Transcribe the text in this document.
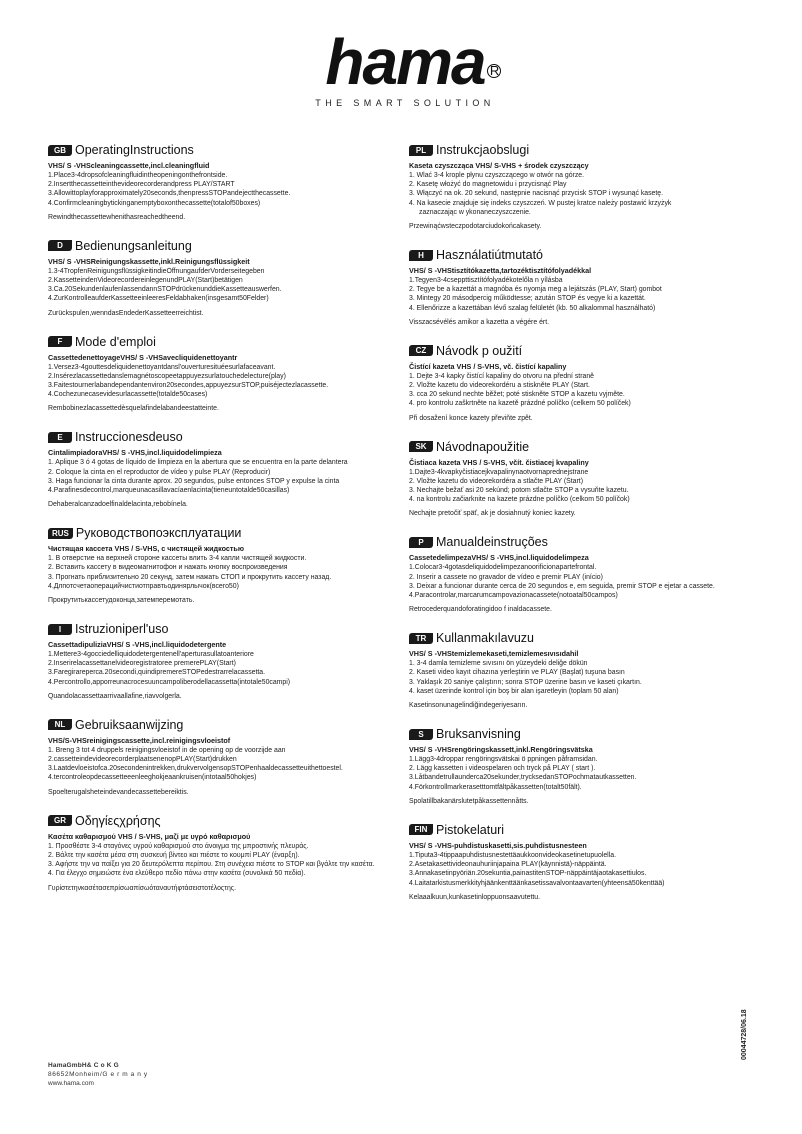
hama R
THE SMART SOLUTION
GB OperatingInstructions
VHS/ S -VHScleaningcassette,incl.cleaningfluid
1.Place3-4dropsofcleaningfluidintheopeningonthefrontside.
2.Insertthecassetteinthevideorecorderandpress PLAY/START
3.Allowittoplayforapproximately20seconds,thenpressSTOPandejectthecassette.
4.Confirmcleaningbytickinganemptyboxonthecassette(totalof50boxes)
Rewindthecassettewhenithasreachedtheend.
D Bedienungsanleitung
VHS/ S -VHSReinigungskassette,inkl.Reinigungsflüssigkeit
1.3-4TropfenReinigungsflüssigkeitindieÖffnungaufderVorderseitegeben
2.KassetteindenVideorecordereinlegenundPLAY(Start)betätigen
3.Ca.20SekundenlaufenlassendannSTOPdrückenunddieKassetteauswerfen.
4.ZurKontrolleaufderKassetteeinleeresFeldabhaken(insgesamt50Felder)
Zurückspulen,wenndasEndederKassetteerreichtist.
F	Mode d'emploi
CassettedenettoyageVHS/ S -VHSavecliquidenettoyantr
1.Versez3-4gouttesdeliquidenettoyantdansl'ouverturesituéesurlafaceavant.
2.Insérezlacassettedanslemagnétoscopeetappuyezsurlatouchedelecture(play)
3.Faitestournerlabandependantenviron20secondes,appuyezsurSTOP,puiséjectezlacassette.
4.Cochezunecasevidesurlacassette(totalde50cases)
Rembobinezlacassettedèsquelafindelabandeestatteinte.
E Instruccionesdeuso
CintalimpiadoraVHS/ S -VHS,incl.liquidodelimpieza
1. Aplique 3 ó 4 gotas de líquido de limpieza en la abertura que se encuentra en la parte delantera
2. Coloque la cinta en el reproductor de vídeo y pulse PLAY (Reproducir)
3. Haga funcionar la cinta durante aprox. 20 segundos, pulse entonces STOP y expulse la cinta
4.Parafinesdecontrol,marqueunacasillavacíaenlacinta(tieneuntotalde50casillas)
Dehaberalcanzadoelfinaldelacinta,rebobínela.
RUS Руководствопоэксплуатации
Чистящая кассета VHS / S-VHS, с чистящей жидкостью
1. В отверстие на верхней стороне кассеты влить 3-4 капли чистящей жидкости.
2. Вставить кассету в видеомагнитофон и нажать кнопку воспроизведения
3. Прогнать приблизительно 20 секунд, затем нажать СТОП и прокрутить кассету назад.
4.Длпотсчетаоперацийчистиотправтьодинярлычок(всего50)
Прокрутитькассетудоконца,затемперемотать.
I	Istruzioniperl'uso
CassettadipuliziaVHS/ S -VHS,incl.liquidodetergente
1.Mettere3-4gocciedelliquidodetergentenell'aperturasullatoanteriore
2.Inserirelacassettanelvideoregistratoree premerePLAY(Start)
3.Faregirareperca.20secondi,quindipremereSTOPedestrarrelacassetta.
4.Percontrollo,apporreunacrocesuuncampoliberodellacassetta(intotale50campi)
Quandolacassettaarrivaallafine,riavvolgerla.
NL Gebruiksaanwijzing
VHS/S-VHSreinigingscassette,incl.reinigingsvloeistof
1. Breng 3 tot 4 druppels reinigingsvloeistof in de opening op de voorzijde aan
2.cassetteindevideorecorderplaatsenenopPLAY(Start)drukken
3.Laatdevloeistofca.20secondenintrekken,drukvervolgensopSTOPenhaaldecassetteuithettoestel.
4.tercontroleopdecassetteeenleeghokjeaankruisen(intotaal50hokjes)
Spoelterugalsheteindevandecassettebereiktis.
GR Οδηγίεςχρήσης
Κασέτα καθαρισμού VHS / S-VHS, μαζί με υγρό καθαρισμού
1. Προσθέστε 3-4 σταγόνες υγρού καθαρισμού στο άνοιγμα της μπροστινής πλευράς.
2. Βάλτε την κασέτα μέσα στη συσκευή βίντεο και πιέστε το κουμπί PLAY (έναρξη).
3. Αφήστε την να παίξει για 20 δευτερόλεπτα περίπου. Στη συνέχεια πιέστε το STOP και βγάλτε την κασέτα.
4. Για έλεγχο σημειώστε ένα ελεύθερο πεδίο πάνω στην κασέτα (συνολικά 50 πεδία).
Γυρίστετηνκασέτασεπρίσωαπίσωόταναυτήφτάσειστοτέλοςτης.
PL Instrukcjaobslugi
Kaseta czyszcząca VHS/ S-VHS + środek czyszczący
1. Wlać 3-4 krople płynu czyszczącego w otwór na górze.
2. Kasetę włożyć do magnetowidu i przycisnąć Play
3. Włączyć na ok. 20 sekund, następnie nacisnąć przycisk STOP i wysunąć kasetę.
4. Na kasecie znajduje się indeks czyszczeń. W pustej kratce należy postawić krzyżyk
zaznaczając w ykonaneczyszczenie.
Przewinąćwsteczpodotarciudokońcakasety.
H Használatiútmutató
VHS/ S -VHStisztítókazetta,tartozéktisztítófolyadékkal
1.Tegyen3-4cseppttisztítófolyadékotelőla n yílásba
2. Tegye be a kazettát a magnóba és nyomja meg a lejátszás (PLAY, Start) gombot
3. Mintegy 20 másodpercig működtesse; azután STOP és vegye ki a kazettát.
4. Ellenőrizze a kazettában lévő szalag felületét (kb. 50 alkalommal használható)
Visszacsévélés amikor a kazetta a végére ért.
CZ Návodk p oužití
Čistící kazeta VHS / S-VHS, vč. čistící kapaliny
1. Dejte 3-4 kapky čistící kapaliny do otvoru na přední straně
2. Vložte kazetu do videorekordéru a stiskněte PLAY (Start.
3. cca 20 sekund nechte běžet; poté stiskněte STOP a kazetu vyjměte.
4. pro kontrolu zaškrtněte na kazetě prázdné políčko (celkem 50 políček)
Při dosažení konce kazety převiňte zpět.
SK Návodnapoužitie
Čistiaca kazeta VHS / S-VHS, včít. čistiacej kvapaliny
1.Dajte3-4kvapkyčistiacejkvapalinynaotvornaprednejstrane
2. Vložte kazetu do videorekordéra a stlačte PLAY (Štart)
3. Nechajte bežať asi 20 sekúnd; potom stlačte STOP a vysuňte kazetu.
4. na kontrolu začiarknite na kazete prázdne políčko (celkom 50 políčok)
Nechajte pretočiť späť, ak je dosiahnutý koniec kazety.
P Manualdeinstruções
CassetedelimpezaVHS/ S -VHS,incl.liquidodelimpeza
1.Colocar3-4gotasdeliquidodelimpezanoorificionapartefrontal.
2. Inserir a cassete no gravador de vídeo e premir PLAY (início)
3. Deixar a funcionar durante cerca de 20 segundos e, em seguida, premir STOP e ejetar a cassete.
4.Paracontrolar,marcarumcampovazionacassete(notoatal50campos)
Retrocederquandoforatingidoo f inaldacassete.
TR Kullanmakılavuzu
VHS/ S -VHStemizlemekaseti,temizlemesıvısıdahil
1. 3-4 damla temizleme sıvısını ön yüzeydeki deliğe dökün
2. Kaseti video kayıt cihazına yerleştirin ve PLAY (Başlat) tuşuna basın
3. Yaklaşık 20 saniye çalıştırın; sonra STOP üzerine basın ve kaseti çıkartın.
4. kaset üzerinde kontrol için boş bir alan işaretleyin (toplam 50 alan)
Kasetinsonunagelindiğindegeriyesarın.
S Bruksanvisning
VHS/ S -VHSrengöringskassett,inkl.Rengöringsvätska
1.Lägg3-4droppar rengöringsvätskai ö ppningen påframsidan.
2. Lägg kassetten i videospelaren och tryck på PLAY ( start ).
3.Låtbandetrullaunderca20sekunder,trycksedanSTOPochmatautkassetten.
4.Förkontrollmarkerasetttomtfältpåkassetten(totalt50fält).
Spolatillbakanärslutetpåkassettennåtts.
FIN Pistokelaturi
VHS/ S -VHS-puhdistuskasetti,sis.puhdistusnesteen
1.Tiputa3-4tippaapuhdistusnestettäaukkoonvideokasetinetupuolella.
2.Asetakasettivideonauhuriinjapaina PLAY(käynnistä)-näppäintä.
3.Annakasetinpyöriän.20sekuntia,painastitenSTOP-näppäintäjaotakasettiulos.
4.Laitatarkistusmerkkityhjäänkenttäänkasetissavalvontaavarten(yhteensä50kenttää)
Kelaaalkuun,kunkasetinloppuonsaavutettu.
HamaGmbH& C o K G
86652Monheim/G e r m a n y
www.hama.com
00044728/06.18
